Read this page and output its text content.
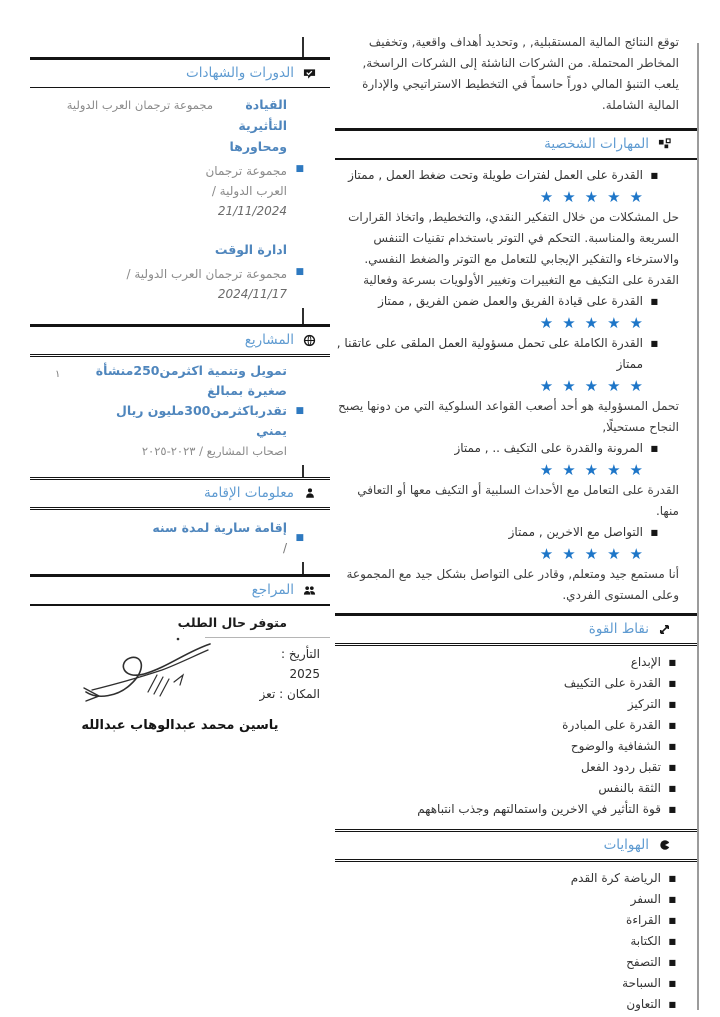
توقع النتائج المالية المستقبلية, , وتحديد أهداف واقعية, وتخفيف المخاطر المحتملة. من الشركات الناشئة إلى الشركات الراسخة, يلعب التنبؤ المالي دوراً حاسماً في التخطيط الاستراتيجي والإدارة المالية الشاملة.

المهارات الشخصية
■ القدرة على العمل لفترات طويلة وتحت ضغط العمل , ممتاز
★★★★★

حل المشكلات من خلال التفكير النقدي، والتخطيط, واتخاذ القرارات السريعة والمناسبة. التحكم في التوتر باستخدام تقنيات التنفس والاسترخاء والتفكير الإيجابي للتعامل مع التوتر والضغط النفسي. القدرة على التكيف مع التغييرات وتغيير الأولويات بسرعة وفعالية

■ القدرة على قيادة الفريق والعمل ضمن الفريق , ممتاز
★★★★★
■ القدرة الكاملة على تحمل مسؤولية العمل الملقى على عاتقنا , ممتاز
★★★★★

تحمل المسؤولية هو أحد أصعب القواعد السلوكية التي من دونها يصبح النجاح مستحيلًا,

■ المرونة والقدرة على التكيف .. , ممتاز
★★★★★

القدرة على التعامل مع الأحداث السلبية أو التكيف معها أو التعافي منها.

■ التواصل مع الاخرين , ممتاز
★★★★★

أنا مستمع جيد ومتعلم, وقادر على التواصل بشكل جيد مع المجموعة وعلى المستوى الفردي.

نقاط القوة
■ الإبداع
■ القدرة على التكييف
■ التركيز
■ القدرة على المبادرة
■ الشفافية والوضوح
■ تقبل ردود الفعل
■ الثقة بالنفس
■ قوة التأثير في الاخرين واستمالتهم وجذب انتباههم
الهوايات
■ الرياضة كرة القدم
■ السفر
■ القراءة
■ الكتابة
■ التصفح
■ السباحة
■ التعاون
الدورات والشهادات
القيادة التأثيرية ومحاورها
مجموعة ترجمان العرب الدولية
■ مجموعة ترجمان العرب الدولية /
21/11/2024
ادارة الوقت
■ مجموعة ترجمان العرب الدولية /
2024/11/17
المشاريع
١	■ تمويل وتنمية اكثرمن250منشأة صغيرة بمبالغ تقدرباكثرمن300مليون ريال يمني
اصحاب المشاريع / ٢٠٢٣-٢٠٢٥
معلومات الإقامة
■ إقامة سارية لمدة سنه
/
المراجع
متوفر حال الطلب
التأريخ :
2025
المكان : تعز
ياسين محمد عبدالوهاب عبدالله
